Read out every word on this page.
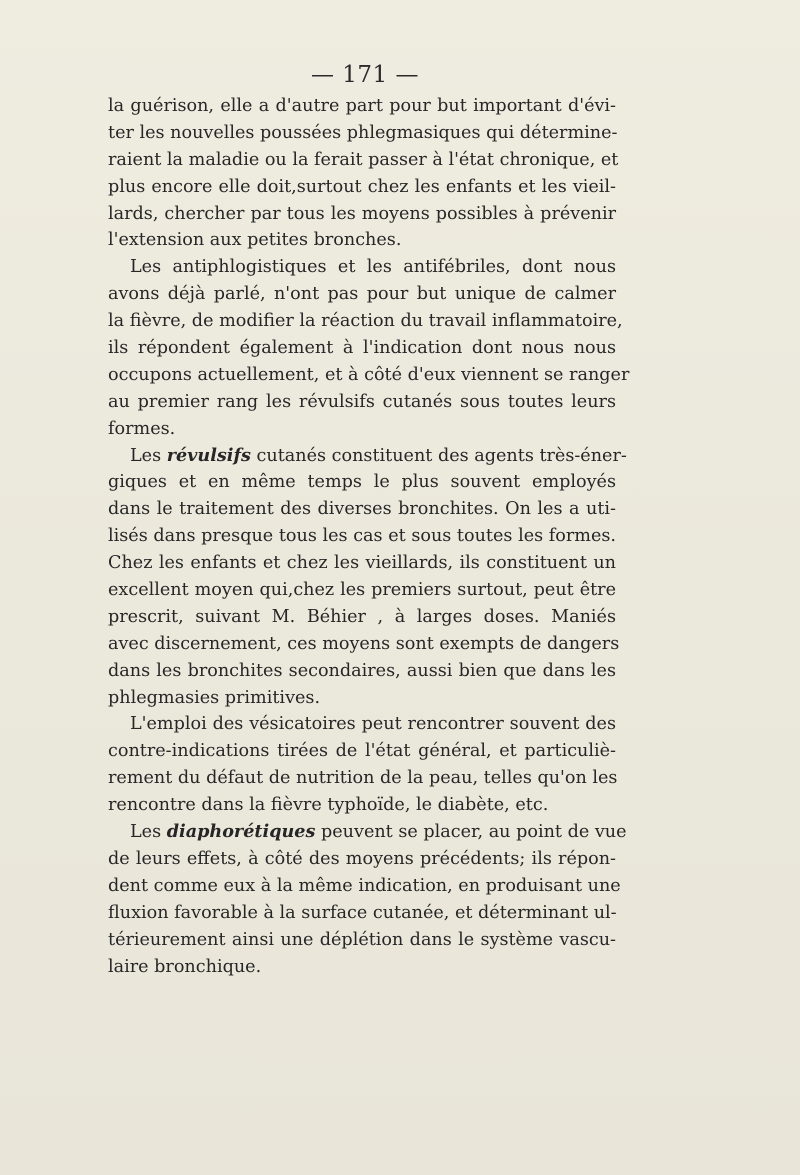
— 171 —
la guérison, elle a d'autre part pour but important d'évi-
ter les nouvelles poussées phlegmasiques qui détermine-
raient la maladie ou la ferait passer à l'état chronique, et
plus encore elle doit,surtout chez les enfants et les vieil-
lards, chercher par tous les moyens possibles à prévenir
l'extension aux petites bronches.
Les antiphlogistiques et les antifébriles, dont nous
avons déjà parlé, n'ont pas pour but unique de calmer
la fièvre, de modifier la réaction du travail inflammatoire,
ils répondent également à l'indication dont nous nous
occupons actuellement, et à côté d'eux viennent se ranger
au premier rang les révulsifs cutanés sous toutes leurs
formes.
Les révulsifs cutanés constituent des agents très-éner-
giques et en même temps le plus souvent employés
dans le traitement des diverses bronchites. On les a uti-
lisés dans presque tous les cas et sous toutes les formes.
Chez les enfants et chez les vieillards, ils constituent un
excellent moyen qui,chez les premiers surtout, peut être
prescrit, suivant M. Béhier , à larges doses. Maniés
avec discernement, ces moyens sont exempts de dangers
dans les bronchites secondaires, aussi bien que dans les
phlegmasies primitives.
L'emploi des vésicatoires peut rencontrer souvent des
contre-indications tirées de l'état général, et particuliè-
rement du défaut de nutrition de la peau, telles qu'on les
rencontre dans la fièvre typhoïde, le diabète, etc.
Les diaphorétiques peuvent se placer, au point de vue
de leurs effets, à côté des moyens précédents; ils répon-
dent comme eux à la même indication, en produisant une
fluxion favorable à la surface cutanée, et déterminant ul-
térieurement ainsi une déplétion dans le système vascu-
laire bronchique.
